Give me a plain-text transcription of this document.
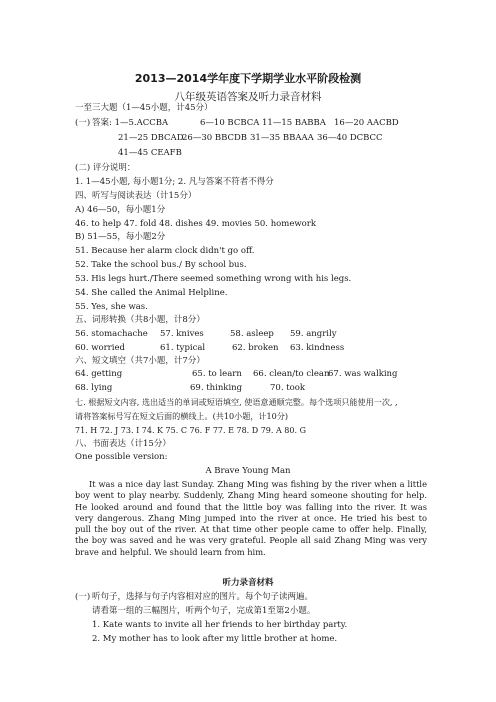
2013—2014学年度下学期学业水平阶段检测
八年级英语答案及听力录音材料
一至三大题（1—45小题，计45分）
(一) 答案: 1—5.ACCBA	6—10 BCBCA 11—15 BABBA 16—20 AACBD
21—25 DBCAD
26—30 BBCDB 31—35 BBAAA 36—40 DCBCC
41—45 CEAFB
(二) 评分说明：
1. 1—45小题, 每小题1分; 2. 凡与答案不符者不得分
四、听写与阅读表达（计15分）
A) 46—50，每小题1分
46. to help 47. fold 48. dishes 49. movies 50. homework
B) 51—55，每小题2分
51. Because her alarm clock didn't go off.
52. Take the school bus./ By school bus.
53. His legs hurt./There seemed something wrong with his legs.
54. She called the Animal Helpline.
55. Yes, she was.
五、词形转换（共8小题，计8分）
56. stomachache 57. knives	58. asleep 59. angrily
60. worried	61. typical	62. broken 63. kindness
六、短文填空（共7小题，计7分）
64. getting	65. to learn 66. clean/to clean
67. was walking
68. lying	69. thinking	70. took
七. 根据短文内容, 选出适当的单词或短语填空, 使语意通顺完整。每个选项只能使用一次, ,
请将答案标号写在短文后面的横线上。(共10小题，计10分)
71. H 72. J 73. I 74. K 75. C 76. F 77. E 78. D 79. A 80. G
八、书面表达（计15分）
One possible version:
A Brave Young Man
It was a nice day last Sunday. Zhang Ming was fishing by the river when a little boy went to play nearby. Suddenly, Zhang Ming heard someone shouting for help. He looked around and found that the little boy was falling into the river. It was very dangerous. Zhang Ming jumped into the river at once. He tried his best to pull the boy out of the river. At that time other people came to offer help. Finally, the boy was saved and he was very grateful. People all said Zhang Ming was very brave and helpful. We should learn from him.
听力录音材料
(一) 听句子，选择与句子内容相对应的图片。每个句子读两遍。
请看第一组的三幅图片，听两个句子，完成第1至第2小题。
1. Kate wants to invite all her friends to her birthday party.
2. My mother has to look after my little brother at home.
